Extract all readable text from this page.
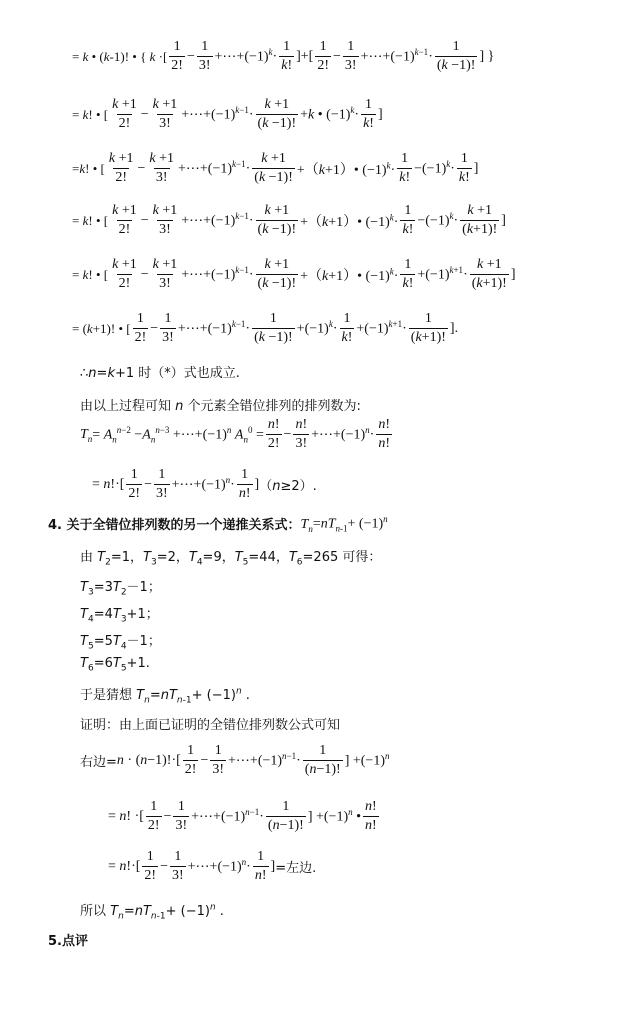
= k • (k-1)! • { k ·[ $\frac{1}{2!} - \frac{1}{3!}$ $+\cdots+(-1)^k\cdot \frac{1}{k!}$ ]+[ $\frac{1}{2!} - \frac{1}{3!}$ $+\cdots+(-1)^{k-1}\cdot \frac{1}{(k -1)!}$ ] }
= k! • [ $\frac{k +1}{2!} - \frac{k +1}{3!}$ $+\cdots+(-1)^{k-1}\cdot \frac{k +1}{(k -1)!} +k$ • $(-1)^k\cdot \frac{1}{k!}$ ]
=k! • [ $\frac{k +1}{2!} - \frac{k +1}{3!}$ $+\cdots+(-1)^{k-1}\cdot \frac{k +1}{(k -1)!}$ +（k+1）• $(-1)^k\cdot \frac{1}{k!} -(-1)^k\cdot \frac{1}{k!}$ ]
= k! • [ $\frac{k +1}{2!} - \frac{k +1}{3!}$ $+\cdots+(-1)^{k-1}\cdot \frac{k +1}{(k -1)!}$ +（k+1）• $(-1)^k\cdot \frac{1}{k!} -(-1)^k\cdot \frac{k +1}{(k+1)!}$ ]
= k! • [ $\frac{k +1}{2!} - \frac{k +1}{3!}$ $+\cdots+(-1)^{k-1}\cdot \frac{k +1}{(k -1)!}$ +（k+1）• $(-1)^k\cdot \frac{1}{k!} +(-1)^{k+1}\cdot \frac{k +1}{(k+1)!}$ ]
= (k+1)! • [ $\frac{1}{2!} - \frac{1}{3!}$ $+\cdots+(-1)^{k-1}\cdot \frac{1}{(k -1)!} +(-1)^k\cdot \frac{1}{k!} +(-1)^{k+1}\cdot \frac{1}{(k+1)!}$ ].
∴n=k+1 时（*）式也成立.
由以上过程可知 n 个元素全错位排列的排列数为:
$T_n= A_n^{n-2} -A_n^{n-3}$ $+\cdots+(-1)^n$ $A_n^0 = \frac{n!}{2!} - \frac{n!}{3!}$ $+\cdots+(-1)^n\cdot \frac{n!}{n!}$
= $n!\cdot[ \frac{1}{2!} - \frac{1}{3!}$ $+\cdots+(-1)^n\cdot \frac{1}{n!}$ ] （n≥2）.
4. 关于全错位排列数的另一个递推关系式： $T_n=nT_{n-1}+ (-1)^n$
由 $T_2=1$，$T_3=2$，$T_4=9$，$T_5=44$，$T_6=265$ 可得：
$T_3=3T_2-1$；
$T_4=4T_3+1$；
$T_5=5T_4-1$；
$T_6=6T_5+1$.
于是猜想 $T_n=nT_{n-1}+ (-1)^n$ .
证明：由上面已证明的全错位排列数公式可知
右边= $n \cdot (n-1)!\cdot[ \frac{1}{2!} - \frac{1}{3!}$ $+\cdots+(-1)^{n-1}\cdot \frac{1}{(n-1)!}$ ] $+(-1)^n$
= n! ·[ $\frac{1}{2!} - \frac{1}{3!}$ $+\cdots+(-1)^{n-1}\cdot \frac{1}{(n-1)!}$ ] $+(-1)^n$ • $\frac{n!}{n!}$
= $n!\cdot[ \frac{1}{2!} - \frac{1}{3!}$ $+\cdots+(-1)^n\cdot \frac{1}{n!}$ ] =左边.
所以 $T_n=nT_{n-1}+ (-1)^n$ .
5.点评
